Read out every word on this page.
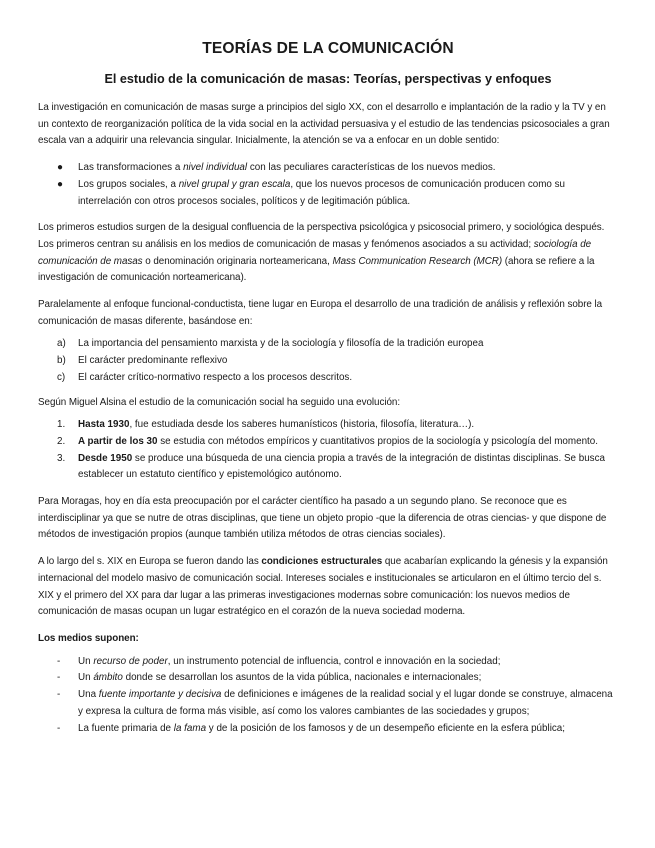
TEORÍAS DE LA COMUNICACIÓN
El estudio de la comunicación de masas: Teorías, perspectivas y enfoques

La investigación en comunicación de masas surge a principios del siglo XX, con el desarrollo e implantación de la radio y la TV y en un contexto de reorganización política de la vida social en la actividad persuasiva y el estudio de las tendencias psicosociales a gran escala van a adquirir una relevancia singular. Inicialmente, la atención se va a enfocar en un doble sentido:

● Las transformaciones a nivel individual con las peculiares características de los nuevos medios.
● Los grupos sociales, a nivel grupal y gran escala, que los nuevos procesos de comunicación producen como su interrelación con otros procesos sociales, políticos y de legitimación pública.

Los primeros estudios surgen de la desigual confluencia de la perspectiva psicológica y psicosocial primero, y sociológica después. Los primeros centran su análisis en los medios de comunicación de masas y fenómenos asociados a su actividad; sociología de comunicación de masas o denominación originaria norteamericana, Mass Communication Research (MCR) (ahora se refiere a la investigación de comunicación norteamericana).

Paralelamente al enfoque funcional-conductista, tiene lugar en Europa el desarrollo de una tradición de análisis y reflexión sobre la comunicación de masas diferente, basándose en:

a) La importancia del pensamiento marxista y de la sociología y filosofía de la tradición europea
b) El carácter predominante reflexivo
c) El carácter crítico-normativo respecto a los procesos descritos.

Según Miguel Alsina el estudio de la comunicación social ha seguido una evolución:

1. Hasta 1930, fue estudiada desde los saberes humanísticos (historia, filosofía, literatura…).
2. A partir de los 30 se estudia con métodos empíricos y cuantitativos propios de la sociología y psicología del momento.
3. Desde 1950 se produce una búsqueda de una ciencia propia a través de la integración de distintas disciplinas. Se busca establecer un estatuto científico y epistemológico autónomo.

Para Moragas, hoy en día esta preocupación por el carácter científico ha pasado a un segundo plano. Se reconoce que es interdisciplinar ya que se nutre de otras disciplinas, que tiene un objeto propio -que la diferencia de otras ciencias- y que dispone de métodos de investigación propios (aunque también utiliza métodos de otras ciencias sociales).

A lo largo del s. XIX en Europa se fueron dando las condiciones estructurales que acabarían explicando la génesis y la expansión internacional del modelo masivo de comunicación social. Intereses sociales e institucionales se articularon en el último tercio del s. XIX y el primero del XX para dar lugar a las primeras investigaciones modernas sobre comunicación: los nuevos medios de comunicación de masas ocupan un lugar estratégico en el corazón de la nueva sociedad moderna.

Los medios suponen:

- Un recurso de poder, un instrumento potencial de influencia, control e innovación en la sociedad;
- Un ámbito donde se desarrollan los asuntos de la vida pública, nacionales e internacionales;
- Una fuente importante y decisiva de definiciones e imágenes de la realidad social y el lugar donde se construye, almacena y expresa la cultura de forma más visible, así como los valores cambiantes de las sociedades y grupos;
- La fuente primaria de la fama y de la posición de los famosos y de un desempeño eficiente en la esfera pública;
